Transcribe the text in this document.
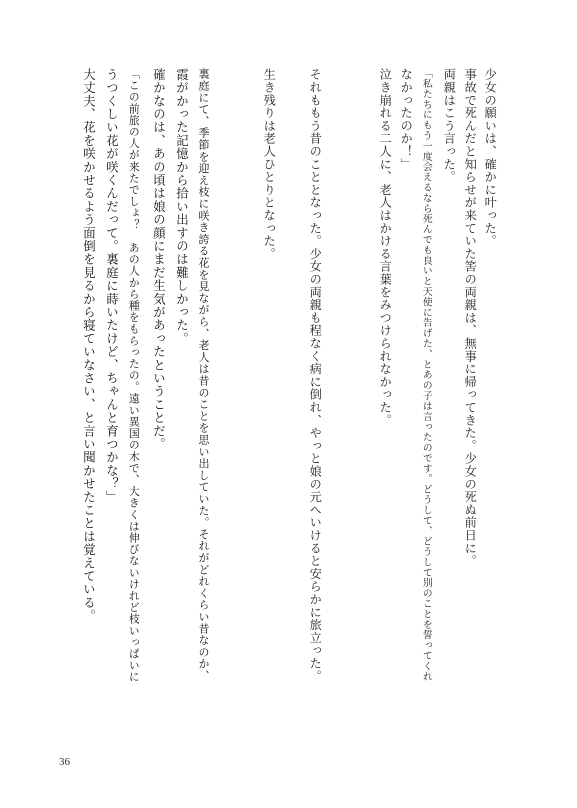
少女の願いは、確かに叶った。
事故で死んだと知らせが来ていた筈の両親は、無事に帰ってきた。少女の死ぬ前日に。
両親はこう言った。
「私たちにもう一度会えるなら死んでも良いと天使に告げた、とあの子は言ったのです。どうして、どうして別のことを誓ってくれ
なかったのか！」
泣き崩れる二人に、老人はかける言葉をみつけられなかった。
それももう昔のこととなった。少女の両親も程なく病に倒れ、やっと娘の元へいけると安らかに旅立った。
生き残りは老人ひとりとなった。
裏庭にて、季節を迎え枝に咲き誇る花を見ながら、老人は昔のことを思い出していた。それがどれくらい昔なのか、
霞がかった記憶から拾い出すのは難しかった。
確かなのは、あの頃は娘の顔にまだ生気があったということだ。
「この前旅の人が来たでしょ？　あの人から種をもらったの。遠い異国の木で、大きくは伸びないけれど枝いっぱいに
うつくしい花が咲くんだって。裏庭に蒔いたけど、ちゃんと育つかな？」
大丈夫、花を咲かせるよう面倒を見るから寝ていなさい、と言い聞かせたことは覚えている。
36
